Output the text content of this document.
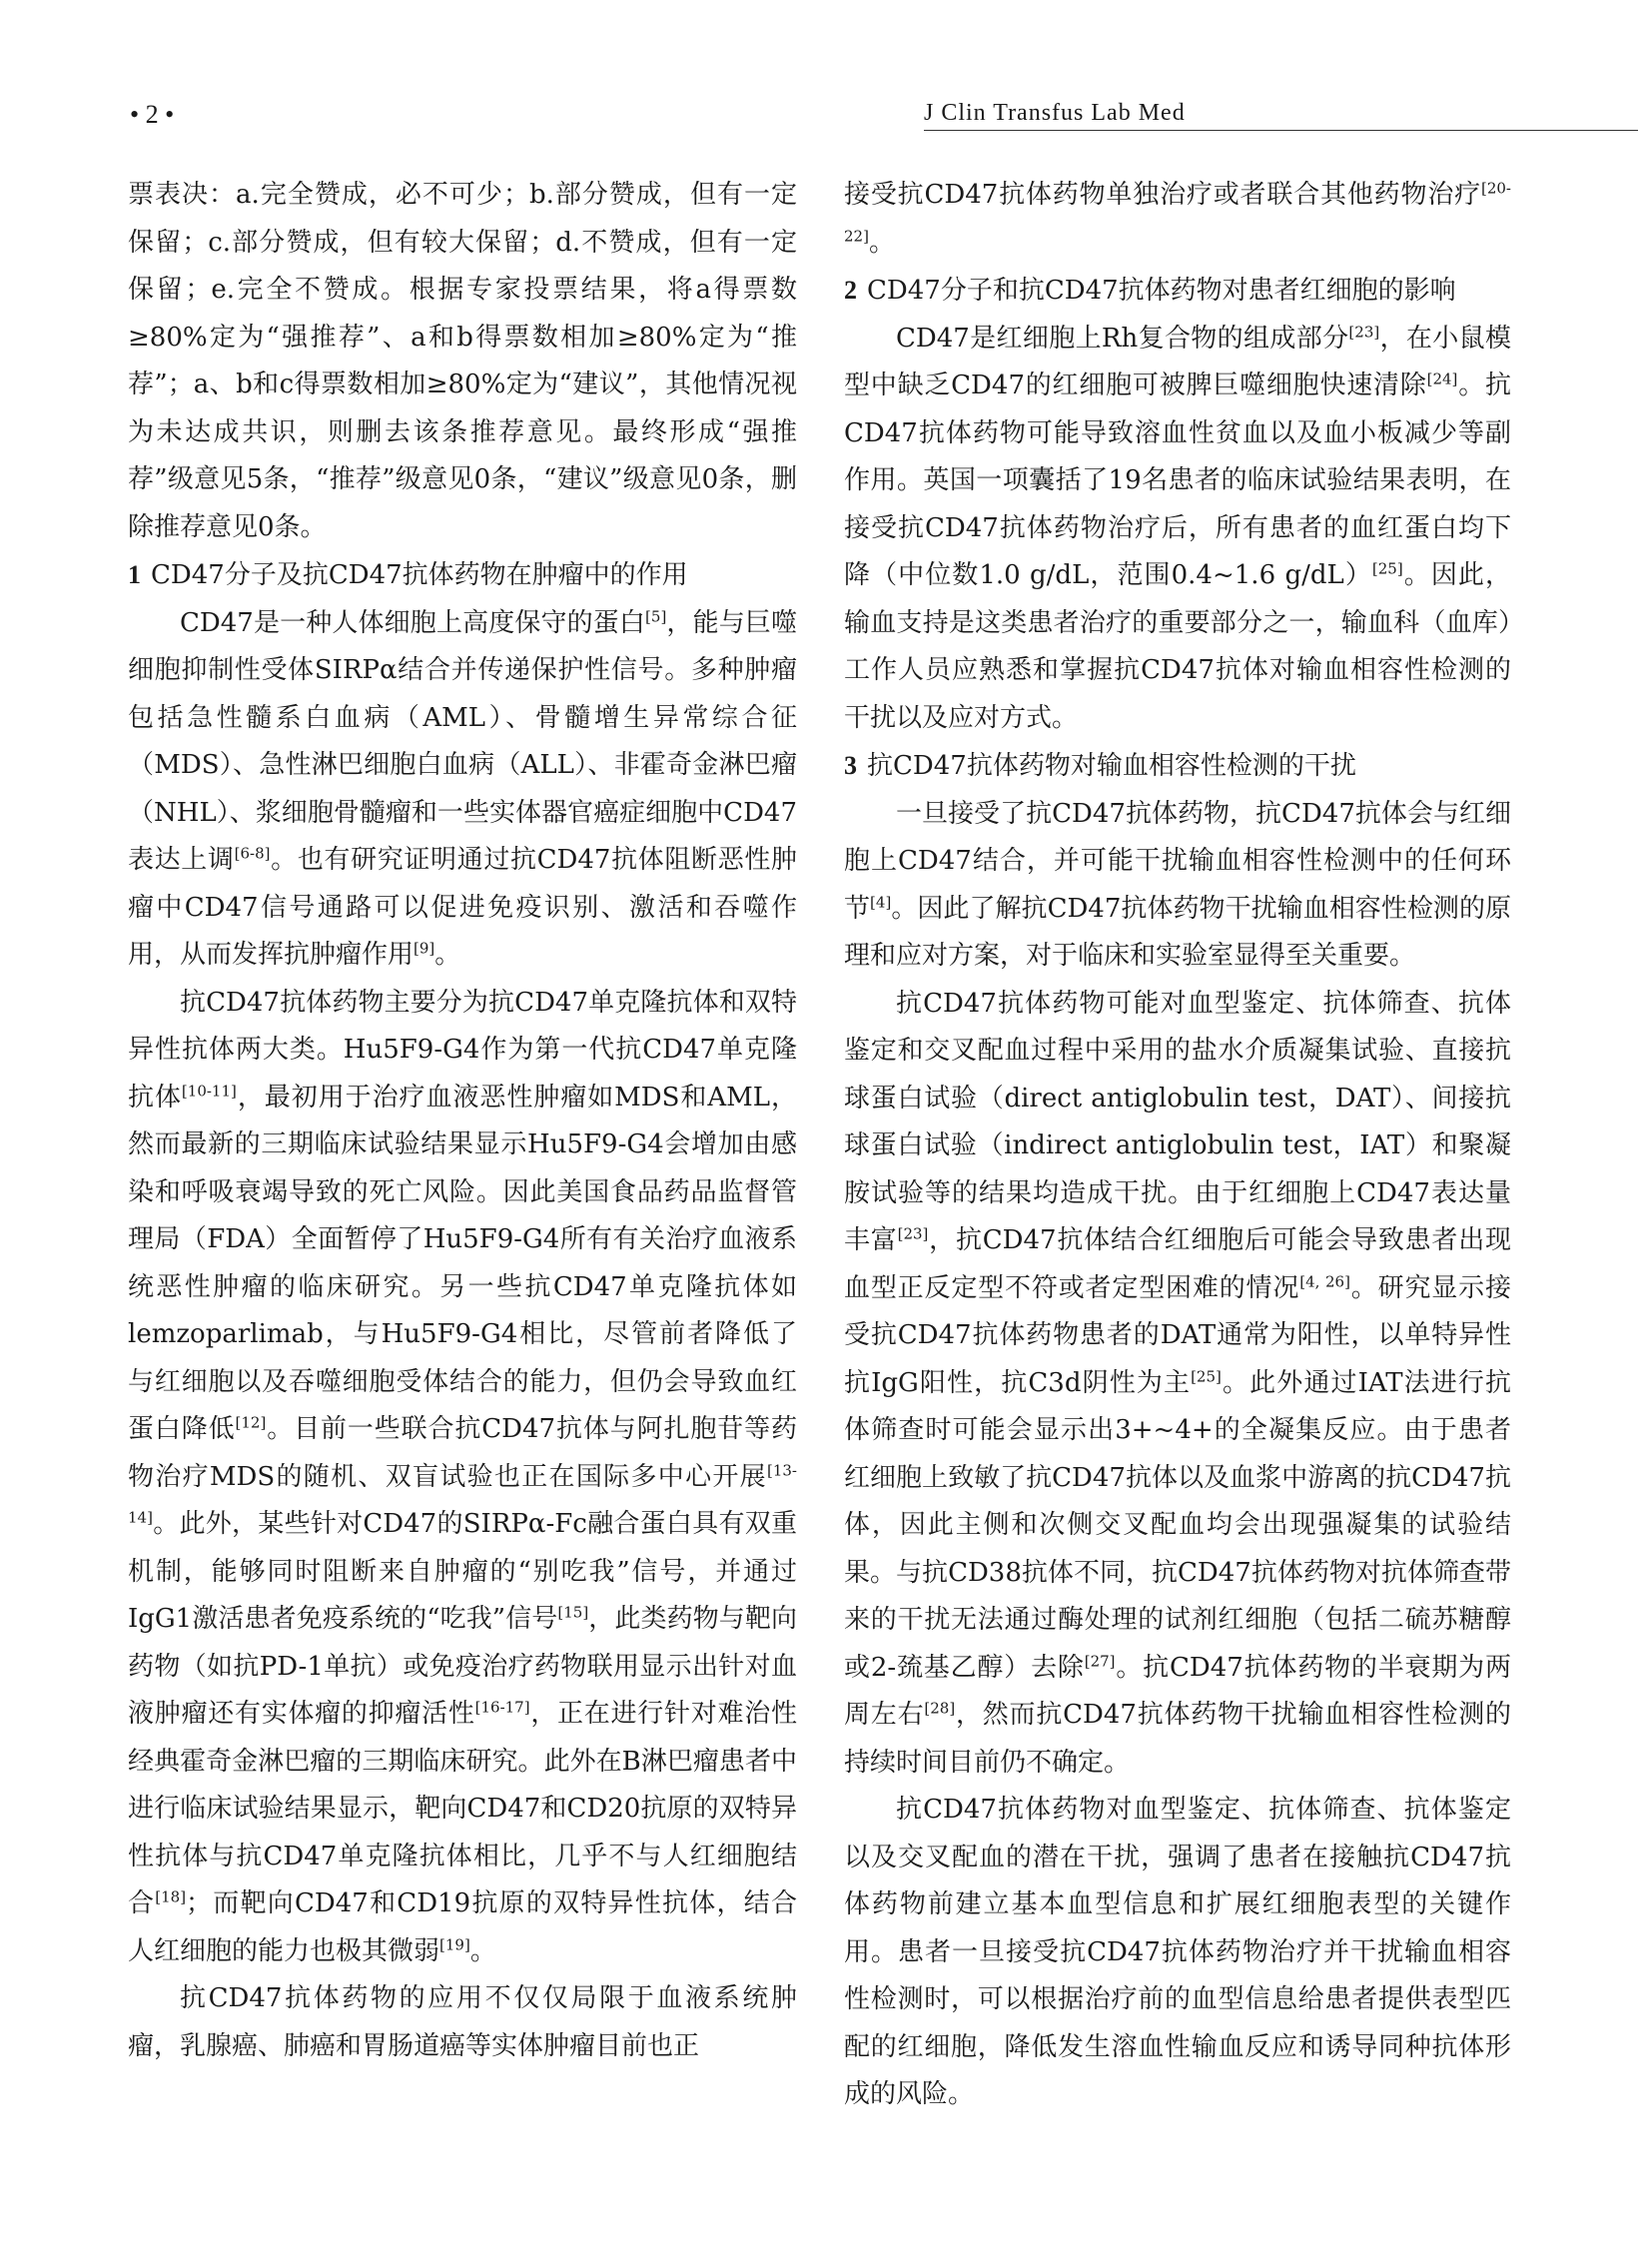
• 2 •	J Clin Transfus Lab Med

票表决：a.完全赞成，必不可少；b.部分赞成，但有一定保留；c.部分赞成，但有较大保留；d.不赞成，但有一定保留；e.完全不赞成。根据专家投票结果，将a得票数≥80%定为“强推荐”、a和b得票数相加≥80%定为“推荐”；a、b和c得票数相加≥80%定为“建议”，其他情况视为未达成共识，则删去该条推荐意见。最终形成“强推荐”级意见5条，“推荐”级意见0条，“建议”级意见0条，删除推荐意见0条。

1 CD47分子及抗CD47抗体药物在肿瘤中的作用

CD47是一种人体细胞上高度保守的蛋白[5]，能与巨噬细胞抑制性受体SIRPα结合并传递保护性信号。多种肿瘤包括急性髓系白血病（AML）、骨髓增生异常综合征（MDS）、急性淋巴细胞白血病（ALL）、非霍奇金淋巴瘤（NHL）、浆细胞骨髓瘤和一些实体器官癌症细胞中CD47表达上调[6-8]。也有研究证明通过抗CD47抗体阻断恶性肿瘤中CD47信号通路可以促进免疫识别、激活和吞噬作用，从而发挥抗肿瘤作用[9]。

抗CD47抗体药物主要分为抗CD47单克隆抗体和双特异性抗体两大类。Hu5F9-G4作为第一代抗CD47单克隆抗体[10-11]，最初用于治疗血液恶性肿瘤如MDS和AML，然而最新的三期临床试验结果显示Hu5F9-G4会增加由感染和呼吸衰竭导致的死亡风险。因此美国食品药品监督管理局（FDA）全面暂停了Hu5F9-G4所有有关治疗血液系统恶性肿瘤的临床研究。另一些抗CD47单克隆抗体如lemzoparlimab，与Hu5F9-G4相比，尽管前者降低了与红细胞以及吞噬细胞受体结合的能力，但仍会导致血红蛋白降低[12]。目前一些联合抗CD47抗体与阿扎胞苷等药物治疗MDS的随机、双盲试验也正在国际多中心开展[13-14]。此外，某些针对CD47的SIRPα-Fc融合蛋白具有双重机制，能够同时阻断来自肿瘤的“别吃我”信号，并通过IgG1激活患者免疫系统的“吃我”信号[15]，此类药物与靶向药物（如抗PD-1单抗）或免疫治疗药物联用显示出针对血液肿瘤还有实体瘤的抑瘤活性[16-17]，正在进行针对难治性经典霍奇金淋巴瘤的三期临床研究。此外在B淋巴瘤患者中进行临床试验结果显示，靶向CD47和CD20抗原的双特异性抗体与抗CD47单克隆抗体相比，几乎不与人红细胞结合[18]；而靶向CD47和CD19抗原的双特异性抗体，结合人红细胞的能力也极其微弱[19]。

抗CD47抗体药物的应用不仅仅局限于血液系统肿瘤，乳腺癌、肺癌和胃肠道癌等实体肿瘤目前也正

接受抗CD47抗体药物单独治疗或者联合其他药物治疗[20-22]。

2 CD47分子和抗CD47抗体药物对患者红细胞的影响

CD47是红细胞上Rh复合物的组成部分[23]，在小鼠模型中缺乏CD47的红细胞可被脾巨噬细胞快速清除[24]。抗CD47抗体药物可能导致溶血性贫血以及血小板减少等副作用。英国一项囊括了19名患者的临床试验结果表明，在接受抗CD47抗体药物治疗后，所有患者的血红蛋白均下降（中位数1.0 g/dL，范围0.4~1.6 g/dL）[25]。因此，输血支持是这类患者治疗的重要部分之一，输血科（血库）工作人员应熟悉和掌握抗CD47抗体对输血相容性检测的干扰以及应对方式。

3 抗CD47抗体药物对输血相容性检测的干扰

一旦接受了抗CD47抗体药物，抗CD47抗体会与红细胞上CD47结合，并可能干扰输血相容性检测中的任何环节[4]。因此了解抗CD47抗体药物干扰输血相容性检测的原理和应对方案，对于临床和实验室显得至关重要。

抗CD47抗体药物可能对血型鉴定、抗体筛查、抗体鉴定和交叉配血过程中采用的盐水介质凝集试验、直接抗球蛋白试验（direct antiglobulin test，DAT）、间接抗球蛋白试验（indirect antiglobulin test，IAT）和聚凝胺试验等的结果均造成干扰。由于红细胞上CD47表达量丰富[23]，抗CD47抗体结合红细胞后可能会导致患者出现血型正反定型不符或者定型困难的情况[4, 26]。研究显示接受抗CD47抗体药物患者的DAT通常为阳性，以单特异性抗IgG阳性，抗C3d阴性为主[25]。此外通过IAT法进行抗体筛查时可能会显示出3+~4+的全凝集反应。由于患者红细胞上致敏了抗CD47抗体以及血浆中游离的抗CD47抗体，因此主侧和次侧交叉配血均会出现强凝集的试验结果。与抗CD38抗体不同，抗CD47抗体药物对抗体筛查带来的干扰无法通过酶处理的试剂红细胞（包括二硫苏糖醇或2-巯基乙醇）去除[27]。抗CD47抗体药物的半衰期为两周左右[28]，然而抗CD47抗体药物干扰输血相容性检测的持续时间目前仍不确定。

抗CD47抗体药物对血型鉴定、抗体筛查、抗体鉴定以及交叉配血的潜在干扰，强调了患者在接触抗CD47抗体药物前建立基本血型信息和扩展红细胞表型的关键作用。患者一旦接受抗CD47抗体药物治疗并干扰输血相容性检测时，可以根据治疗前的血型信息给患者提供表型匹配的红细胞，降低发生溶血性输血反应和诱导同种抗体形成的风险。
